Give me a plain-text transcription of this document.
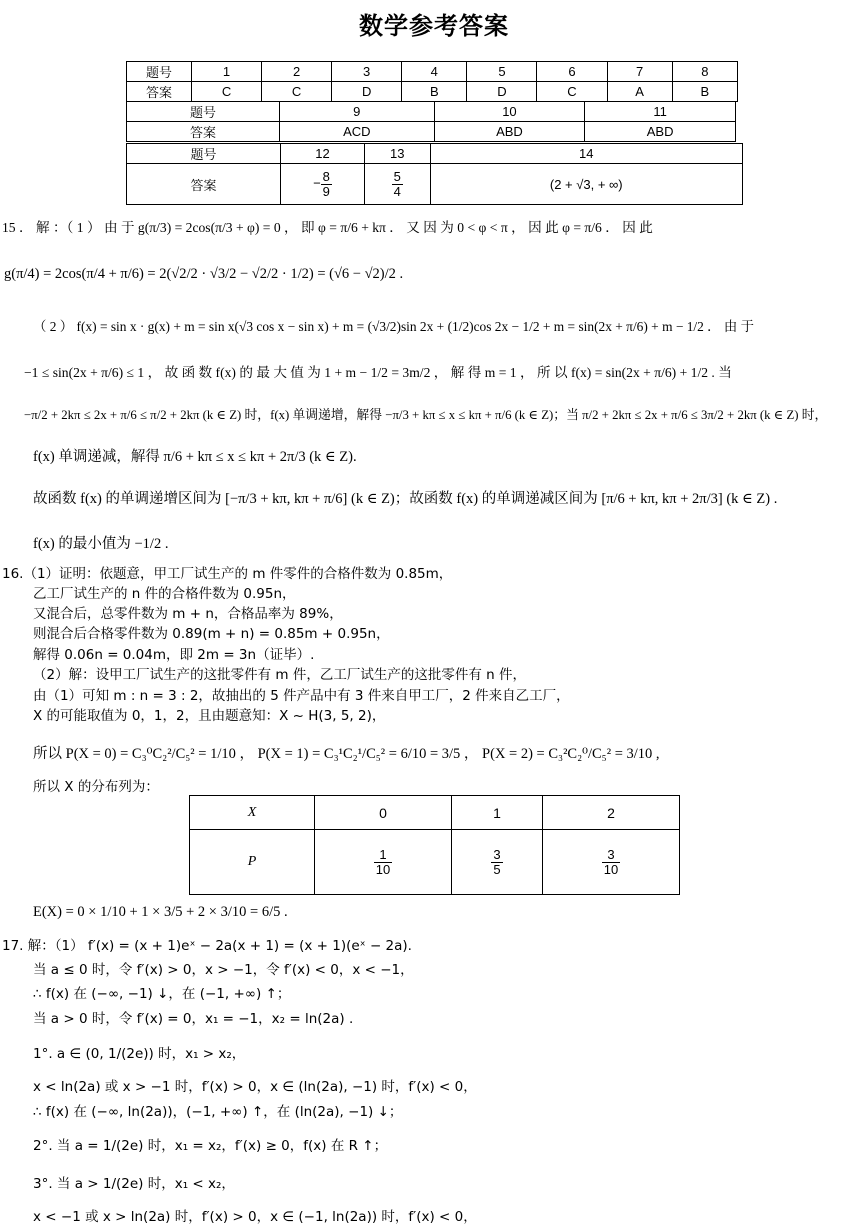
数学参考答案
题号	1	2	3	4	5	6	7	8
答案	C	C	D	B	D	C	A	B
题号	9	10	11
答案	ACD	ABD	ABD
题号	12	13	14
答案	− $\frac{8}{9}$	$\frac{5}{4}$	(2 + √3, + ∞)
15 ． 解 ：（ 1 ） 由 于 g(π/3) = 2cos(π/3 + φ) = 0 ， 即 φ = π/6 + kπ ． 又 因 为 0 < φ < π ， 因 此 φ = π/6 ． 因 此
g(π/4) = 2cos(π/4 + π/6) = 2(√2/2 · √3/2 − √2/2 · 1/2) = (√6 − √2)/2 .
（ 2 ） f(x) = sin x · g(x) + m = sin x(√3 cos x − sin x) + m = (√3/2)sin 2x + (1/2)cos 2x − 1/2 + m = sin(2x + π/6) + m − 1/2 ． 由 于
−1 ≤ sin(2x + π/6) ≤ 1 ， 故 函 数 f(x) 的 最 大 值 为 1 + m − 1/2 = 3m/2 ， 解 得 m = 1 ， 所 以 f(x) = sin(2x + π/6) + 1/2 . 当
−π/2 + 2kπ ≤ 2x + π/6 ≤ π/2 + 2kπ (k ∈ Z) 时，f(x) 单调递增，解得 −π/3 + kπ ≤ x ≤ kπ + π/6 (k ∈ Z)；当 π/2 + 2kπ ≤ 2x + π/6 ≤ 3π/2 + 2kπ (k ∈ Z) 时，
f(x) 单调递减，解得 π/6 + kπ ≤ x ≤ kπ + 2π/3 (k ∈ Z).
故函数 f(x) 的单调递增区间为 [−π/3 + kπ, kπ + π/6] (k ∈ Z)；故函数 f(x) 的单调递减区间为 [π/6 + kπ, kπ + 2π/3] (k ∈ Z) .
f(x) 的最小值为 −1/2 .
16.（1）证明：依题意，甲工厂试生产的 m 件零件的合格件数为 0.85m，
乙工厂试生产的 n 件的合格件数为 0.95n，
又混合后，总零件数为 m + n，合格品率为 89%，
则混合后合格零件数为 0.89(m + n) = 0.85m + 0.95n，
解得 0.06n = 0.04m，即 2m = 3n（证毕）.
（2）解：设甲工厂试生产的这批零件有 m 件，乙工厂试生产的这批零件有 n 件，
由（1）可知 m : n = 3 : 2，故抽出的 5 件产品中有 3 件来自甲工厂，2 件来自乙工厂，
X 的可能取值为 0，1，2，且由题意知：X ~ H(3, 5, 2)，
所以 P(X = 0) = C₃⁰C₂²/C₅² = 1/10 ， P(X = 1) = C₃¹C₂¹/C₅² = 6/10 = 3/5 ， P(X = 2) = C₃²C₂⁰/C₅² = 3/10 ,
所以 X 的分布列为：
X	0	1	2
P	$\frac{1}{10}$	$\frac{3}{5}$	$\frac{3}{10}$
E(X) = 0 × 1/10 + 1 × 3/5 + 2 × 3/10 = 6/5 .
17. 解：（1） f′(x) = (x + 1)eˣ − 2a(x + 1) = (x + 1)(eˣ − 2a).
当 a ≤ 0 时，令 f′(x) > 0，x > −1，令 f′(x) < 0，x < −1，
∴ f(x) 在 (−∞, −1) ↓，在 (−1, +∞) ↑；
当 a > 0 时，令 f′(x) = 0，x₁ = −1，x₂ = ln(2a) .
1°. a ∈ (0, 1/(2e)) 时，x₁ > x₂，
x < ln(2a) 或 x > −1 时，f′(x) > 0，x ∈ (ln(2a), −1) 时，f′(x) < 0，
∴ f(x) 在 (−∞, ln(2a))，(−1, +∞) ↑，在 (ln(2a), −1) ↓；
2°. 当 a = 1/(2e) 时，x₁ = x₂，f′(x) ≥ 0，f(x) 在 R ↑；
3°. 当 a > 1/(2e) 时，x₁ < x₂，
x < −1 或 x > ln(2a) 时，f′(x) > 0，x ∈ (−1, ln(2a)) 时，f′(x) < 0，
